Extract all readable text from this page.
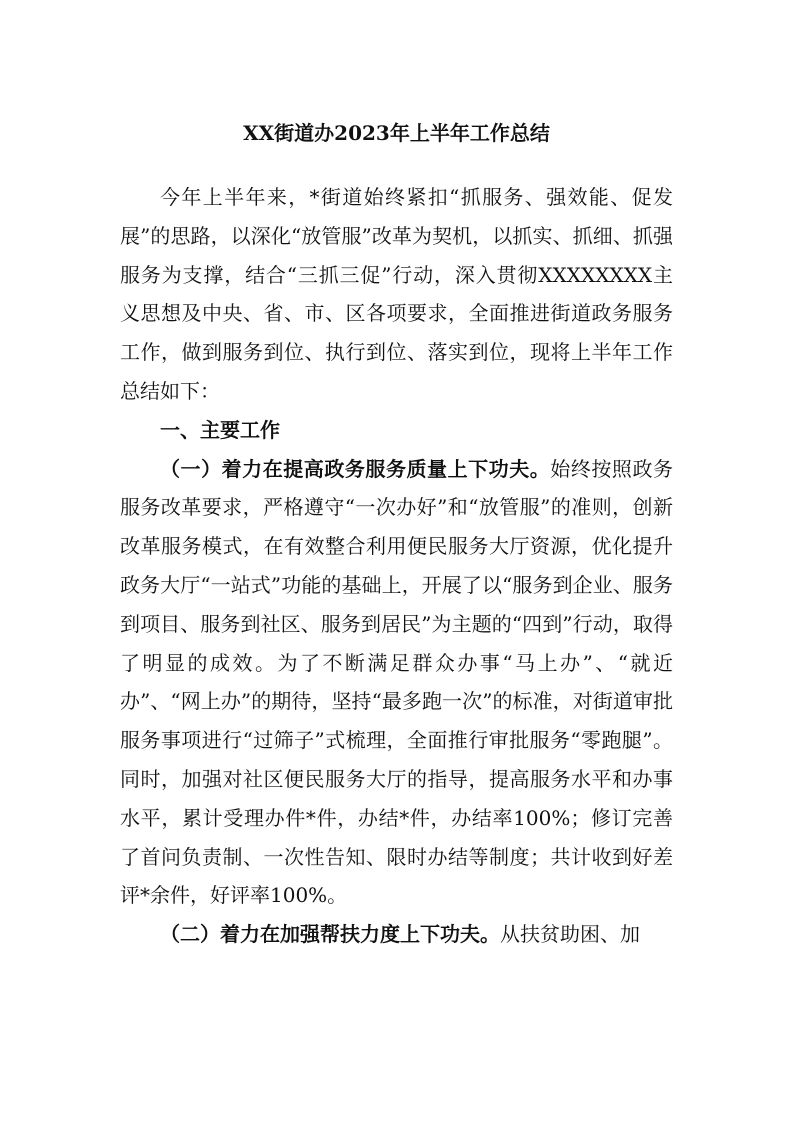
XX街道办2023年上半年工作总结

今年上半年来，*街道始终紧扣“抓服务、强效能、促发展”的思路，以深化“放管服”改革为契机，以抓实、抓细、抓强服务为支撑，结合“三抓三促”行动，深入贯彻XXXXXXXX主义思想及中央、省、市、区各项要求，全面推进街道政务服务工作，做到服务到位、执行到位、落实到位，现将上半年工作总结如下：

一、主要工作

（一）着力在提高政务服务质量上下功夫。始终按照政务服务改革要求，严格遵守“一次办好”和“放管服”的准则，创新改革服务模式，在有效整合利用便民服务大厅资源，优化提升政务大厅“一站式”功能的基础上，开展了以“服务到企业、服务到项目、服务到社区、服务到居民”为主题的“四到”行动，取得了明显的成效。为了不断满足群众办事“马上办”、“就近办”、“网上办”的期待，坚持“最多跑一次”的标准，对街道审批服务事项进行“过筛子”式梳理，全面推行审批服务“零跑腿”。同时，加强对社区便民服务大厅的指导，提高服务水平和办事水平，累计受理办件*件，办结*件，办结率100%；修订完善了首问负责制、一次性告知、限时办结等制度；共计收到好差评*余件，好评率100%。

（二）着力在加强帮扶力度上下功夫。从扶贫助困、加
